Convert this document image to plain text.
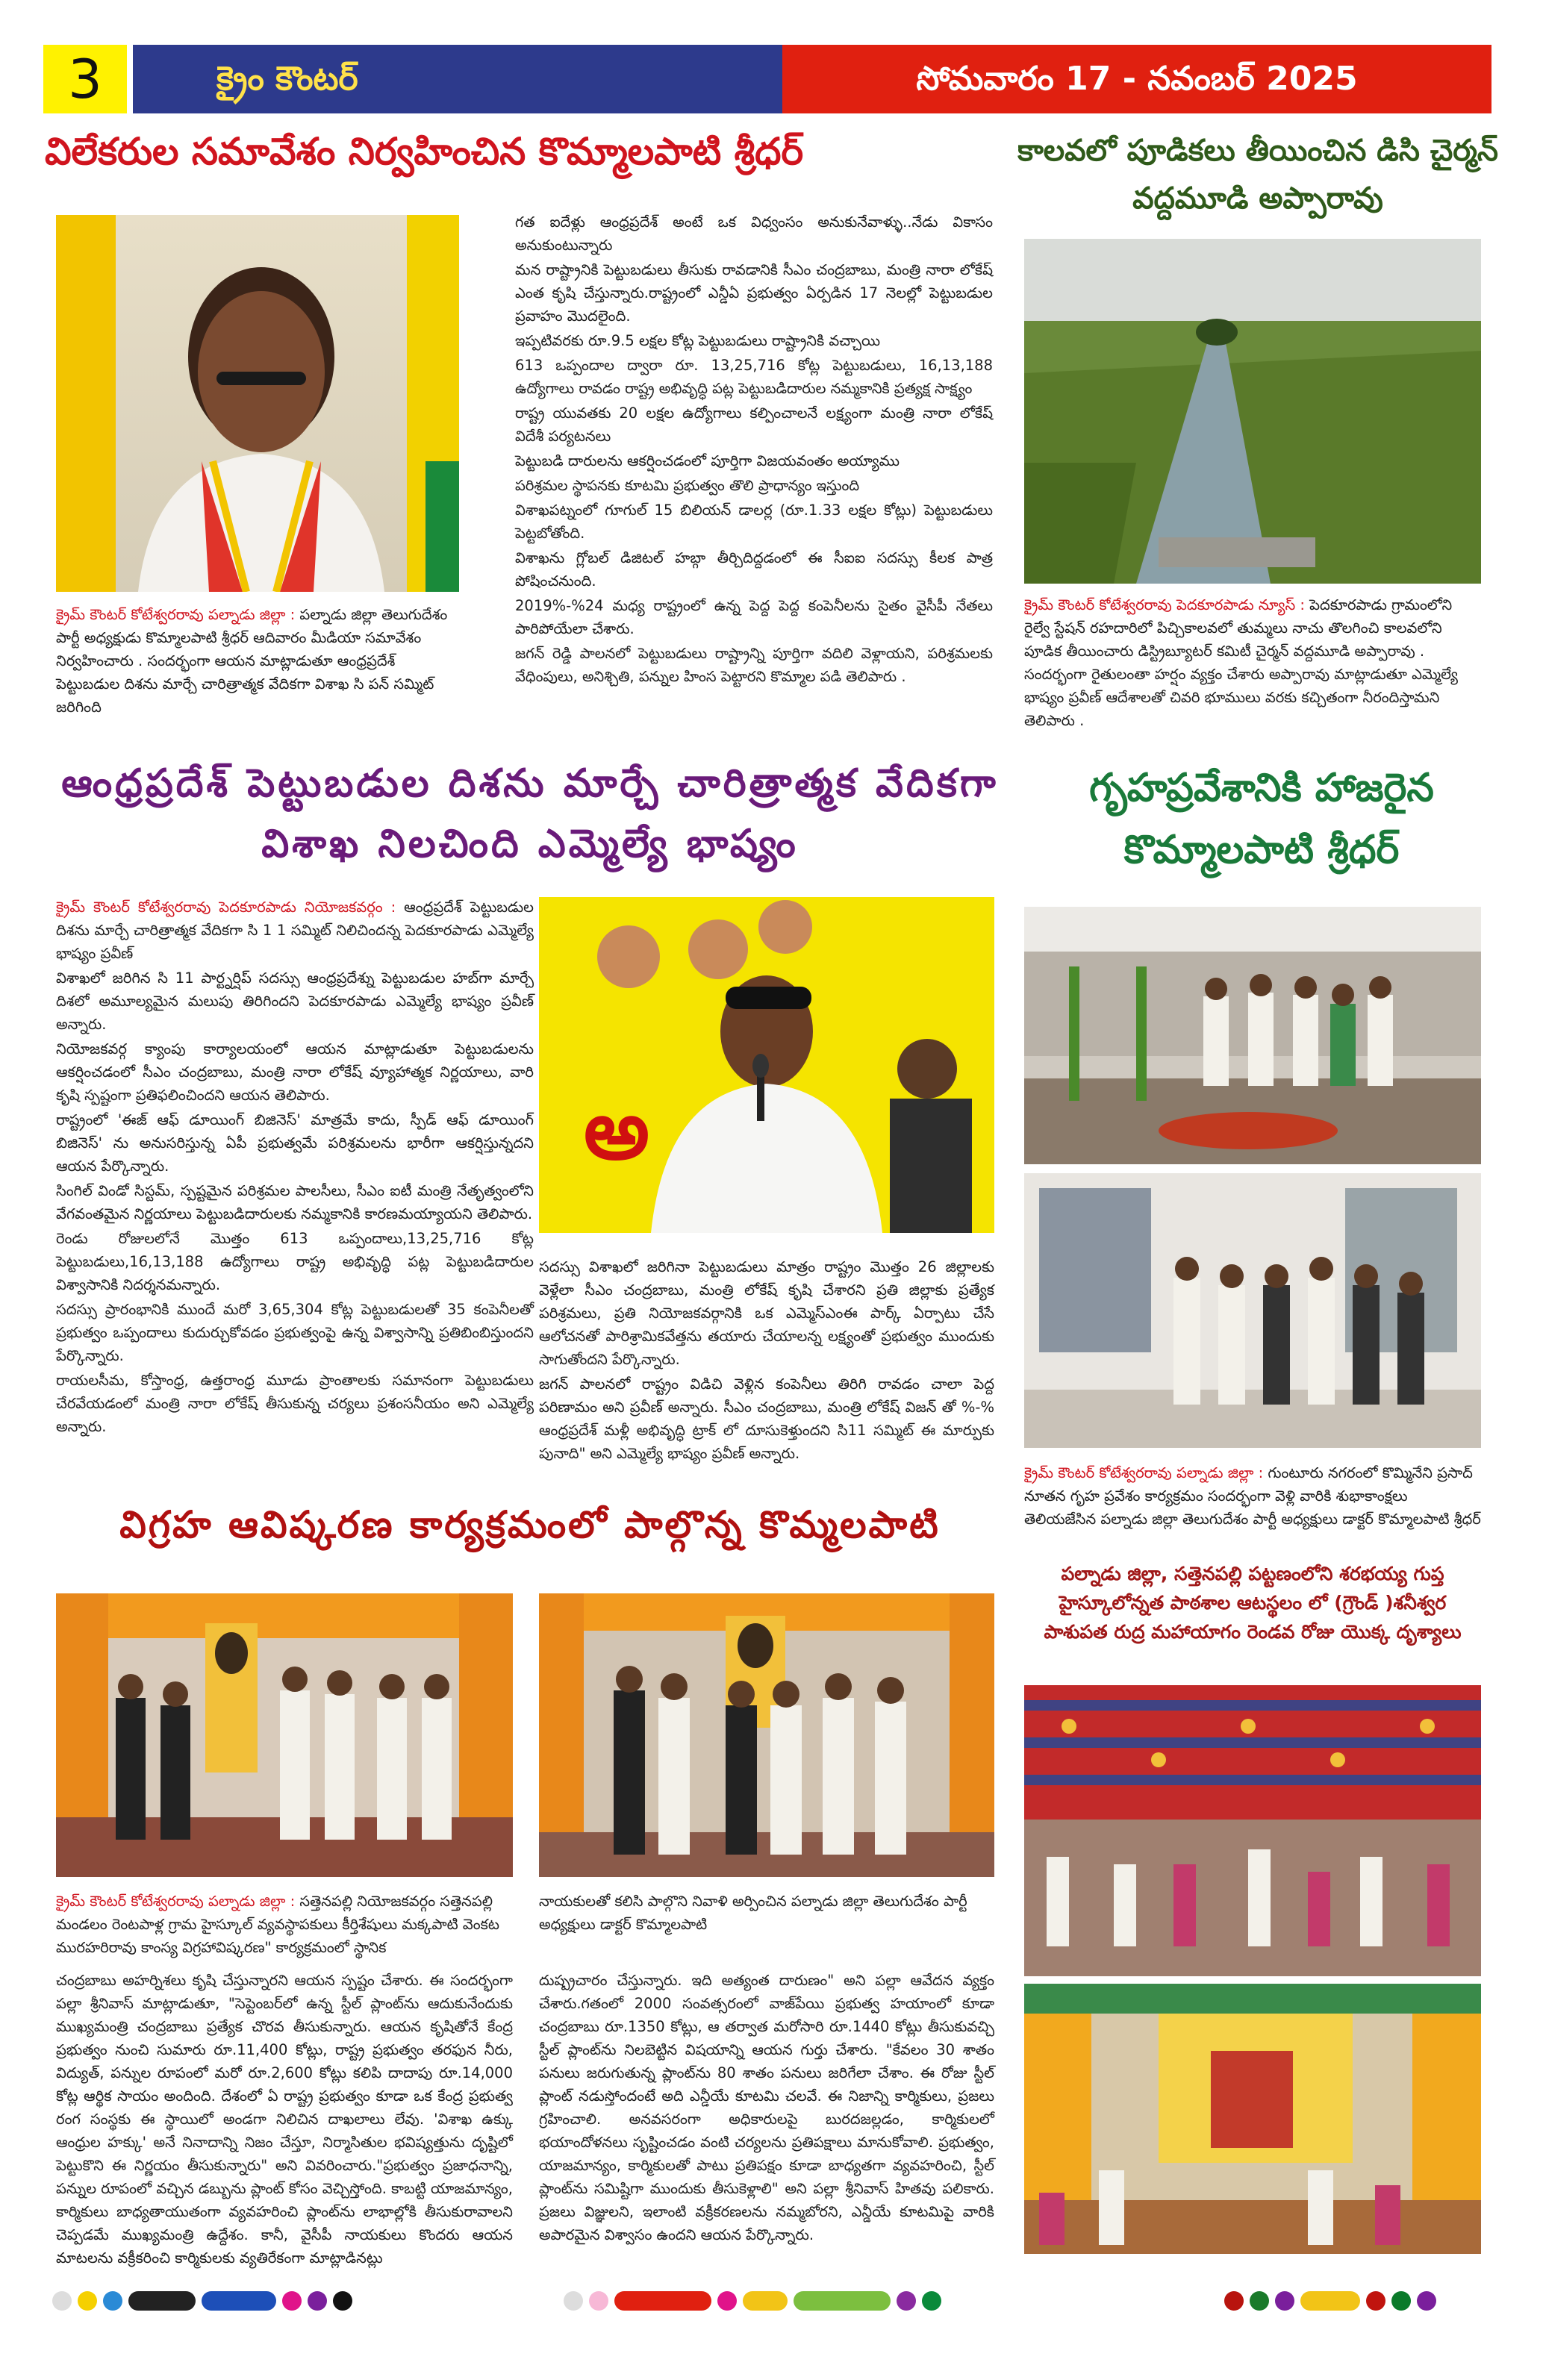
3	క్రైం కౌంటర్	సోమవారం 17 - నవంబర్ 2025
విలేకరుల సమావేశం నిర్వహించిన కొమ్మాలపాటి శ్రీధర్
క్రైమ్ కౌంటర్ కోటేశ్వరరావు పల్నాడు జిల్లా : పల్నాడు జిల్లా తెలుగుదేశం పార్టీ అధ్యక్షుడు కొమ్మాలపాటి శ్రీధర్ ఆదివారం మీడియా సమావేశం నిర్వహించారు . సందర్భంగా ఆయన మాట్లాడుతూ ఆంధ్రప్రదేశ్ పెట్టుబడుల దిశను మార్చే చారిత్రాత్మక వేదికగా విశాఖ సి పన్ సమ్మిట్ జరిగింది

గత ఐదేళ్లు ఆంధ్రప్రదేశ్ అంటే ఒక విధ్వంసం అనుకునేవాళ్ళు..నేడు వికాసం అనుకుంటున్నారు

మన రాష్ట్రానికి పెట్టుబడులు తీసుకు రావడానికి సీఎం చంద్రబాబు, మంత్రి నారా లోకేష్ ఎంత కృషి చేస్తున్నారు.రాష్ట్రంలో ఎన్డీఏ ప్రభుత్వం ఏర్పడిన 17 నెలల్లో పెట్టుబడుల ప్రవాహం మొదలైంది.

ఇప్పటివరకు రూ.9.5 లక్షల కోట్ల పెట్టుబడులు రాష్ట్రానికి వచ్చాయి

613 ఒప్పందాల ద్వారా రూ. 13,25,716 కోట్ల పెట్టుబడులు, 16,13,188 ఉద్యోగాలు రావడం రాష్ట్ర అభివృద్ధి పట్ల పెట్టుబడిదారుల నమ్మకానికి ప్రత్యక్ష సాక్ష్యం

రాష్ట్ర యువతకు 20 లక్షల ఉద్యోగాలు కల్పించాలనే లక్ష్యంగా మంత్రి నారా లోకేష్ విదేశీ పర్యటనలు

పెట్టుబడి దారులను ఆకర్షించడంలో పూర్తిగా విజయవంతం అయ్యాము

పరిశ్రమల స్థాపనకు కూటమి ప్రభుత్వం తొలి ప్రాధాన్యం ఇస్తుంది

విశాఖపట్నంలో గూగుల్ 15 బిలియన్ డాలర్ల (రూ.1.33 లక్షల కోట్లు) పెట్టుబడులు పెట్టబోతోంది.

విశాఖను గ్లోబల్ డిజిటల్ హబ్గా తీర్చిదిద్దడంలో ఈ సీఐఐ సదస్సు కీలక పాత్ర పోషించనుంది.

2019%-%24 మధ్య రాష్ట్రంలో ఉన్న పెద్ద పెద్ద కంపెనీలను సైతం వైసీపీ నేతలు పారిపోయేలా చేశారు.

జగన్ రెడ్డి పాలనలో పెట్టుబడులు రాష్ట్రాన్ని పూర్తిగా వదిలి వెళ్లాయని, పరిశ్రమలకు వేధింపులు, అనిశ్చితి, పన్నుల హింస పెట్టారని కొమ్మాల పడి తెలిపారు .

కాలవలో పూడికలు తీయించిన డిసి చైర్మన్ వద్దమూడి అప్పారావు
క్రైమ్ కౌంటర్ కోటేశ్వరరావు పెదకూరపాడు న్యూస్ : పెదకూరపాడు గ్రామంలోని రైల్వే స్టేషన్ రహదారిలో పిచ్చికాలవలో తుమ్మలు నాచు తొలగించి కాలవలోని పూడిక తీయించారు డిస్ట్రిబ్యూటర్ కమిటీ చైర్మన్ వద్దమూడి అప్పారావు . సందర్భంగా రైతులంతా హర్షం వ్యక్తం చేశారు అప్పారావు మాట్లాడుతూ ఎమ్మెల్యే భాష్యం ప్రవీణ్ ఆదేశాలతో చివరి భూములు వరకు కచ్చితంగా నీరందిస్తామని తెలిపారు .
ఆంధ్రప్రదేశ్ పెట్టుబడుల దిశను మార్చే చారిత్రాత్మక వేదికగా విశాఖ నిలచింది ఎమ్మెల్యే భాష్యం

క్రైమ్ కౌంటర్ కోటేశ్వరరావు పెదకూరపాడు నియోజకవర్గం : ఆంధ్రప్రదేశ్ పెట్టుబడుల దిశను మార్చే చారిత్రాత్మక వేదికగా సి 1 1 సమ్మిట్ నిలిచిందన్న పెదకూరపాడు ఎమ్మెల్యే భాష్యం ప్రవీణ్

విశాఖలో జరిగిన సి 11 పార్ట్నర్షిప్ సదస్సు ఆంధ్రప్రదేశ్ను పెట్టుబడుల హబ్‌గా మార్చే దిశలో అమూల్యమైన మలుపు తిరిగిందని పెదకూరపాడు ఎమ్మెల్యే భాష్యం ప్రవీణ్ అన్నారు.

నియోజకవర్గ క్యాంపు కార్యాలయంలో ఆయన మాట్లాడుతూ పెట్టుబడులను ఆకర్షించడంలో సీఎం చంద్రబాబు, మంత్రి నారా లోకేష్ వ్యూహాత్మక నిర్ణయాలు, వారి కృషి స్పష్టంగా ప్రతిఫలించిందని ఆయన తెలిపారు.

రాష్ట్రంలో 'ఈజ్ ఆఫ్ డూయింగ్ బిజినెస్' మాత్రమే కాదు, స్పీడ్ ఆఫ్ డూయింగ్ బిజినెస్' ను అనుసరిస్తున్న ఏపీ ప్రభుత్వమే పరిశ్రమలను భారీగా ఆకర్షిస్తున్నదని ఆయన పేర్కొన్నారు.

సింగిల్ విండో సిస్టమ్, స్పష్టమైన పరిశ్రమల పాలసీలు, సీఎం ఐటీ మంత్రి నేతృత్వంలోని వేగవంతమైన నిర్ణయాలు పెట్టుబడిదారులకు నమ్మకానికి కారణమయ్యాయని తెలిపారు.

రెండు రోజులలోనే మొత్తం 613 ఒప్పందాలు,13,25,716 కోట్ల పెట్టుబడులు,16,13,188 ఉద్యోగాలు రాష్ట్ర అభివృద్ధి పట్ల పెట్టుబడిదారుల విశ్వాసానికి నిదర్శనమన్నారు.

సదస్సు ప్రారంభానికి ముందే మరో 3,65,304 కోట్ల పెట్టుబడులతో 35 కంపెనీలతో ప్రభుత్వం ఒప్పందాలు కుదుర్చుకోవడం ప్రభుత్వంపై ఉన్న విశ్వాసాన్ని ప్రతిబింబిస్తుందని పేర్కొన్నారు.

రాయలసీమ, కోస్తాంధ్ర, ఉత్తరాంధ్ర మూడు ప్రాంతాలకు సమానంగా పెట్టుబడులు చేరవేయడంలో మంత్రి నారా లోకేష్ తీసుకున్న చర్యలు ప్రశంసనీయం అని ఎమ్మెల్యే అన్నారు.

అ

సదస్సు విశాఖలో జరిగినా పెట్టుబడులు మాత్రం రాష్ట్రం మొత్తం 26 జిల్లాలకు వెళ్లేలా సీఎం చంద్రబాబు, మంత్రి లోకేష్ కృషి చేశారని ప్రతి జిల్లాకు ప్రత్యేక పరిశ్రమలు, ప్రతి నియోజకవర్గానికి ఒక ఎమ్మెస్ఎంఈ పార్క్ ఏర్పాటు చేసే ఆలోచనతో పారిశ్రామికవేత్తను తయారు చేయాలన్న లక్ష్యంతో ప్రభుత్వం ముందుకు సాగుతోందని పేర్కొన్నారు.

జగన్ పాలనలో రాష్ట్రం విడిచి వెళ్లిన కంపెనీలు తిరిగి రావడం చాలా పెద్ద పరిణామం అని ప్రవీణ్ అన్నారు. సీఎం చంద్రబాబు, మంత్రి లోకేష్ విజన్ తో %-% ఆంధ్రప్రదేశ్ మళ్లీ అభివృద్ధి ట్రాక్ లో దూసుకెళ్తుందని సి11 సమ్మిట్ ఈ మార్పుకు పునాది" అని ఎమ్మెల్యే భాష్యం ప్రవీణ్ అన్నారు.

గృహప్రవేశానికి హాజరైన కొమ్మాలపాటి శ్రీధర్
క్రైమ్ కౌంటర్ కోటేశ్వరరావు పల్నాడు జిల్లా : గుంటూరు నగరంలో కొమ్మినేని ప్రసాద్ నూతన గృహ ప్రవేశం కార్యక్రమం సందర్భంగా వెళ్లి వారికి శుభాకాంక్షలు తెలియజేసిన పల్నాడు జిల్లా తెలుగుదేశం పార్టీ అధ్యక్షులు డాక్టర్ కొమ్మాలపాటి శ్రీధర్
విగ్రహ ఆవిష్కరణ కార్యక్రమంలో పాల్గొన్న కొమ్మలపాటి
క్రైమ్ కౌంటర్ కోటేశ్వరరావు పల్నాడు జిల్లా : సత్తెనపల్లి నియోజకవర్గం సత్తెనపల్లి మండలం రెంటపాళ్ల గ్రామ హైస్కూల్ వ్యవస్థాపకులు కీర్తిశేషులు మక్కపాటి వెంకట మురహరిరావు కాంస్య విగ్రహావిష్కరణ" కార్యక్రమంలో స్థానిక
నాయకులతో కలిసి పాల్గొని నివాళి అర్పించిన పల్నాడు జిల్లా తెలుగుదేశం పార్టీ అధ్యక్షులు డాక్టర్ కొమ్మాలపాటి
పల్నాడు జిల్లా, సత్తెనపల్లి పట్టణంలోని శరభయ్య గుప్త హైస్కూలోన్నత పాఠశాల ఆటస్థలం లో (గ్రౌండ్ )శనీశ్వర పాశుపత రుద్ర మహాయాగం రెండవ రోజు యొక్క దృశ్యాలు
చంద్రబాబు అహర్నిశలు కృషి చేస్తున్నారని ఆయన స్పష్టం చేశారు. ఈ సందర్భంగా పల్లా శ్రీనివాస్ మాట్లాడుతూ, "సెప్టెంబర్‌లో ఉన్న స్టీల్ ప్లాంట్‌ను ఆదుకునేందుకు ముఖ్యమంత్రి చంద్రబాబు ప్రత్యేక చొరవ తీసుకున్నారు. ఆయన కృషితోనే కేంద్ర ప్రభుత్వం నుంచి సుమారు రూ.11,400 కోట్లు, రాష్ట్ర ప్రభుత్వం తరఫున నీరు, విద్యుత్, పన్నుల రూపంలో మరో రూ.2,600 కోట్లు కలిపి దాదాపు రూ.14,000 కోట్ల ఆర్థిక సాయం అందింది. దేశంలో ఏ రాష్ట్ర ప్రభుత్వం కూడా ఒక కేంద్ర ప్రభుత్వ రంగ సంస్థకు ఈ స్థాయిలో అండగా నిలిచిన దాఖలాలు లేవు. 'విశాఖ ఉక్కు ఆంధ్రుల హక్కు' అనే నినాదాన్ని నిజం చేస్తూ, నిర్మాసితుల భవిష్యత్తును దృష్టిలో పెట్టుకొని ఈ నిర్ణయం తీసుకున్నారు" అని వివరించారు."ప్రభుత్వం ప్రజాధనాన్ని, పన్నుల రూపంలో వచ్చిన డబ్బును ప్లాంట్ కోసం వెచ్చిస్తోంది. కాబట్టి యాజమాన్యం, కార్మికులు బాధ్యతాయుతంగా వ్యవహరించి ప్లాంట్‌ను లాభాల్లోకి తీసుకురావాలని చెప్పడమే ముఖ్యమంత్రి ఉద్దేశం. కానీ, వైసీపీ నాయకులు కొందరు ఆయన మాటలను వక్రీకరించి కార్మికులకు వ్యతిరేకంగా మాట్లాడినట్లు
దుష్ప్రచారం చేస్తున్నారు. ఇది అత్యంత దారుణం" అని పల్లా ఆవేదన వ్యక్తం చేశారు.గతంలో 2000 సంవత్సరంలో వాజ్‌పేయి ప్రభుత్వ హయాంలో కూడా చంద్రబాబు రూ.1350 కోట్లు, ఆ తర్వాత మరోసారి రూ.1440 కోట్లు తీసుకువచ్చి స్టీల్ ప్లాంట్‌ను నిలబెట్టిన విషయాన్ని ఆయన గుర్తు చేశారు. "కేవలం 30 శాతం పనులు జరుగుతున్న ప్లాంట్‌ను 80 శాతం పనులు జరిగేలా చేశాం. ఈ రోజు స్టీల్ ప్లాంట్ నడుస్తోందంటే అది ఎన్డీయే కూటమి చలవే. ఈ నిజాన్ని కార్మికులు, ప్రజలు గ్రహించాలి. అనవసరంగా అధికారులపై బురదజల్లడం, కార్మికులలో భయాందోళనలు సృష్టించడం వంటి చర్యలను ప్రతిపక్షాలు మానుకోవాలి. ప్రభుత్వం, యాజమాన్యం, కార్మికులతో పాటు ప్రతిపక్షం కూడా బాధ్యతగా వ్యవహరించి, స్టీల్ ప్లాంట్‌ను సమిష్టిగా ముందుకు తీసుకెళ్లాలి" అని పల్లా శ్రీనివాస్ హితవు పలికారు. ప్రజలు విజ్ఞులని, ఇలాంటి వక్రీకరణలను నమ్మబోరని, ఎన్డీయే కూటమిపై వారికి అపారమైన విశ్వాసం ఉందని ఆయన పేర్కొన్నారు.
